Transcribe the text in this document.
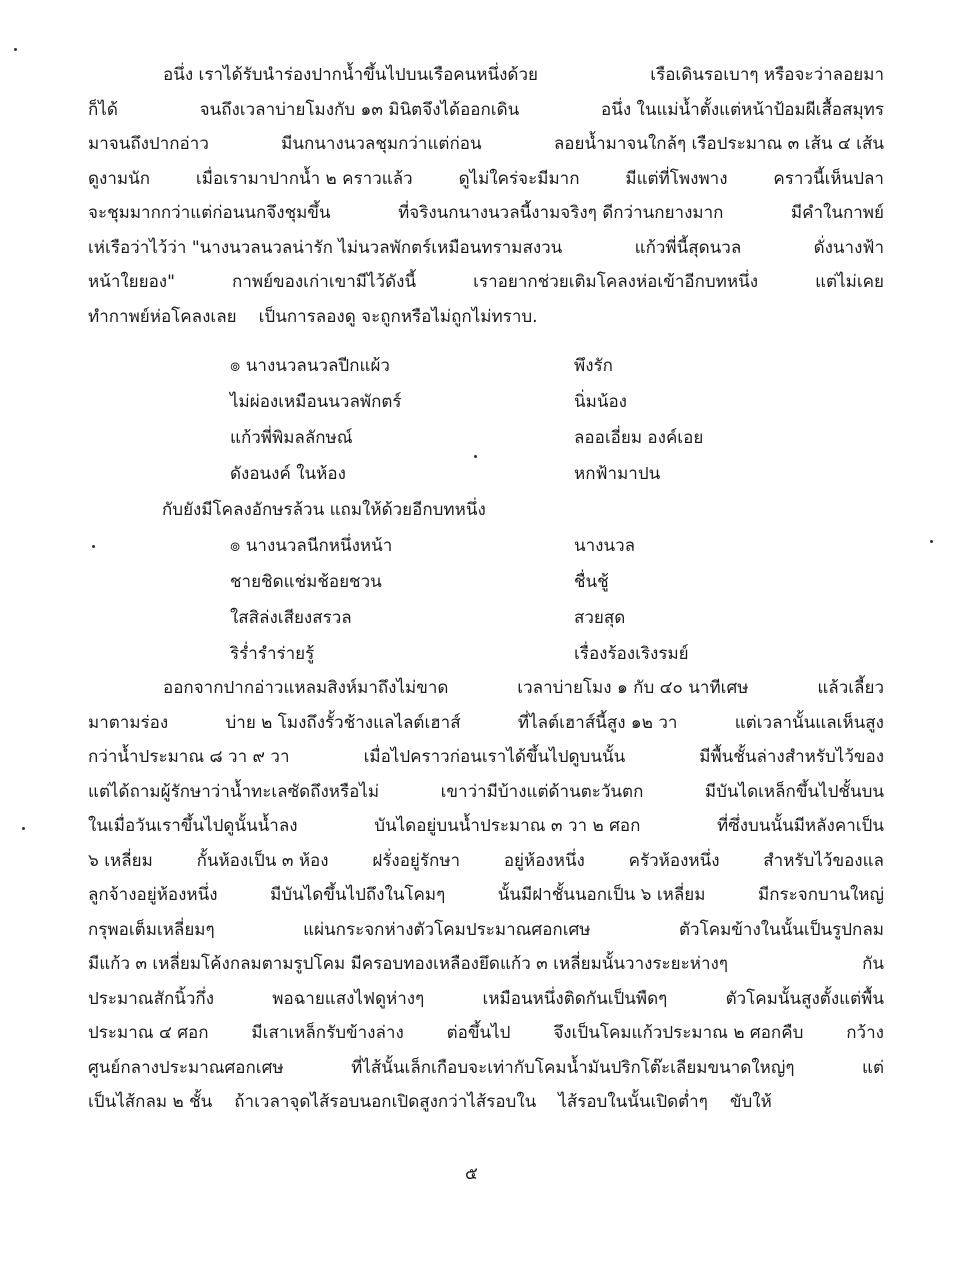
อนึ่ง เราได้รับนำร่องปากน้ำขึ้นไปบนเรือคนหนึ่งด้วย	เรือเดินรอเบาๆ หรือจะว่าลอยมา
ก็ได้	จนถึงเวลาบ่ายโมงกับ ๑๓ มินิตจึงได้ออกเดิน	อนึ่ง ในแม่น้ำตั้งแต่หน้าป้อมผีเสื้อสมุทร
มาจนถึงปากอ่าว	มีนกนางนวลชุมกว่าแต่ก่อน	ลอยน้ำมาจนใกล้ๆ เรือประมาณ ๓ เส้น ๔ เส้น
ดูงามนัก	เมื่อเรามาปากน้ำ ๒ คราวแล้ว	ดูไม่ใคร่จะมีมาก	มีแต่ที่โพงพาง	คราวนี้เห็นปลา
จะชุมมากกว่าแต่ก่อนนกจึงชุมขึ้น	ที่จริงนกนางนวลนี้งามจริงๆ ดีกว่านกยางมาก	มีคำในกาพย์
เห่เรือว่าไว้ว่า "นางนวลนวลน่ารัก ไม่นวลพักตร์เหมือนทรามสงวน	แก้วพี่นี้สุดนวล	ดั่งนางฟ้า
หน้าใยยอง"	กาพย์ของเก่าเขามีไว้ดังนี้	เราอยากช่วยเติมโคลงห่อเข้าอีกบทหนึ่ง	แต่ไม่เคย
ทำกาพย์ห่อโคลงเลย เป็นการลองดู จะถูกหรือไม่ถูกไม่ทราบ.
๏ นางนวลนวลปีกแผ้ว	พึงรัก
ไม่ผ่องเหมือนนวลพักตร์	นิ่มน้อง
แก้วพี่พิมลลักษณ์	ลออเอี่ยม องค์เอย
ดังอนงค์ ในห้อง	หกฟ้ามาปน
กับยังมีโคลงอักษรล้วน แถมให้ด้วยอีกบทหนึ่ง
๏ นางนวลนีกหนึ่งหน้า	นางนวล
ชายชิดแช่มช้อยชวน	ชื่นชู้
ใสสิล่งเสียงสรวล	สวยสุด
ริร่ำรำร่ายรู้	เรื่องร้องเริงรมย์
ออกจากปากอ่าวแหลมสิงห์มาถึงไม่ขาด	เวลาบ่ายโมง ๑ กับ ๔๐ นาทีเศษ	แล้วเลี้ยว
มาตามร่อง	บ่าย ๒ โมงถึงรั้วช้างแลไลต์เฮาส์	ที่ไลต์เฮาส์นี้สูง ๑๒ วา	แต่เวลานั้นแลเห็นสูง
กว่าน้ำประมาณ ๘ วา ๙ วา	เมื่อไปคราวก่อนเราได้ขึ้นไปดูบนนั้น	มีพื้นชั้นล่างสำหรับไว้ของ
แต่ได้ถามผู้รักษาว่าน้ำทะเลซัดถึงหรือไม่	เขาว่ามีบ้างแต่ด้านตะวันตก	มีบันไดเหล็กขึ้นไปชั้นบน
ในเมื่อวันเราขึ้นไปดูนั้นน้ำลง	บันไดอยู่บนน้ำประมาณ ๓ วา ๒ ศอก	ที่ซึ่งบนนั้นมีหลังคาเป็น
๖ เหลี่ยม	กั้นห้องเป็น ๓ ห้อง	ฝรั่งอยู่รักษา	อยู่ห้องหนึ่ง	ครัวห้องหนึ่ง	สำหรับไว้ของแล
ลูกจ้างอยู่ห้องหนึ่ง	มีบันไดขึ้นไปถึงในโคมๆ	นั้นมีฝาชั้นนอกเป็น ๖ เหลี่ยม	มีกระจกบานใหญ่
กรุพอเต็มเหลี่ยมๆ	แผ่นกระจกห่างตัวโคมประมาณศอกเศษ	ตัวโคมข้างในนั้นเป็นรูปกลม
มีแก้ว ๓ เหลี่ยมโค้งกลมตามรูปโคม มีครอบทองเหลืองยึดแก้ว ๓ เหลี่ยมนั้นวางระยะห่างๆ	กัน
ประมาณสักนิ้วกึ่ง	พอฉายแสงไฟดูห่างๆ	เหมือนหนึ่งติดกันเป็นพืดๆ	ตัวโคมนั้นสูงตั้งแต่พื้น
ประมาณ ๔ ศอก	มีเสาเหล็กรับข้างล่าง	ต่อขึ้นไป	จึงเป็นโคมแก้วประมาณ ๒ ศอกคืบ	กว้าง
ศูนย์กลางประมาณศอกเศษ	ที่ไส้นั้นเล็กเกือบจะเท่ากับโคมน้ำมันปริกโต๊ะเลียมขนาดใหญ่ๆ	แต่
เป็นไส้กลม ๒ ชั้น ถ้าเวลาจุดไส้รอบนอกเปิดสูงกว่าไส้รอบใน ไส้รอบในนั้นเปิดต่ำๆ ขับให้
๕
